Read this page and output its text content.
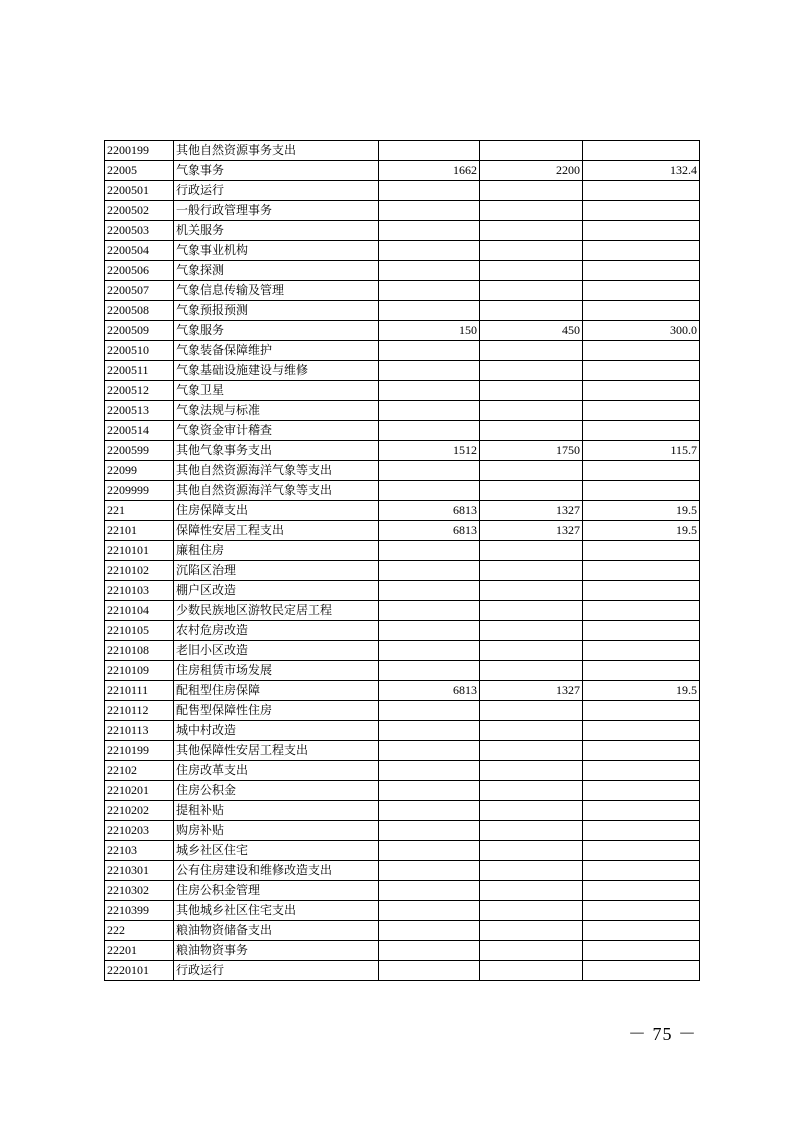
2200199	其他自然资源事务支出			
22005	气象事务	1662	2200	132.4
2200501	行政运行			
2200502	一般行政管理事务			
2200503	机关服务			
2200504	气象事业机构			
2200506	气象探测			
2200507	气象信息传输及管理			
2200508	气象预报预测			
2200509	气象服务	150	450	300.0
2200510	气象装备保障维护			
2200511	气象基础设施建设与维修			
2200512	气象卫星			
2200513	气象法规与标准			
2200514	气象资金审计稽查			
2200599	其他气象事务支出	1512	1750	115.7
22099	其他自然资源海洋气象等支出			
2209999	其他自然资源海洋气象等支出			
221	住房保障支出	6813	1327	19.5
22101	保障性安居工程支出	6813	1327	19.5
2210101	廉租住房			
2210102	沉陷区治理			
2210103	棚户区改造			
2210104	少数民族地区游牧民定居工程			
2210105	农村危房改造			
2210108	老旧小区改造			
2210109	住房租赁市场发展			
2210111	配租型住房保障	6813	1327	19.5
2210112	配售型保障性住房			
2210113	城中村改造			
2210199	其他保障性安居工程支出			
22102	住房改革支出			
2210201	住房公积金			
2210202	提租补贴			
2210203	购房补贴			
22103	城乡社区住宅			
2210301	公有住房建设和维修改造支出			
2210302	住房公积金管理			
2210399	其他城乡社区住宅支出			
222	粮油物资储备支出			
22201	粮油物资事务			
2220101	行政运行			
－ 75 －
